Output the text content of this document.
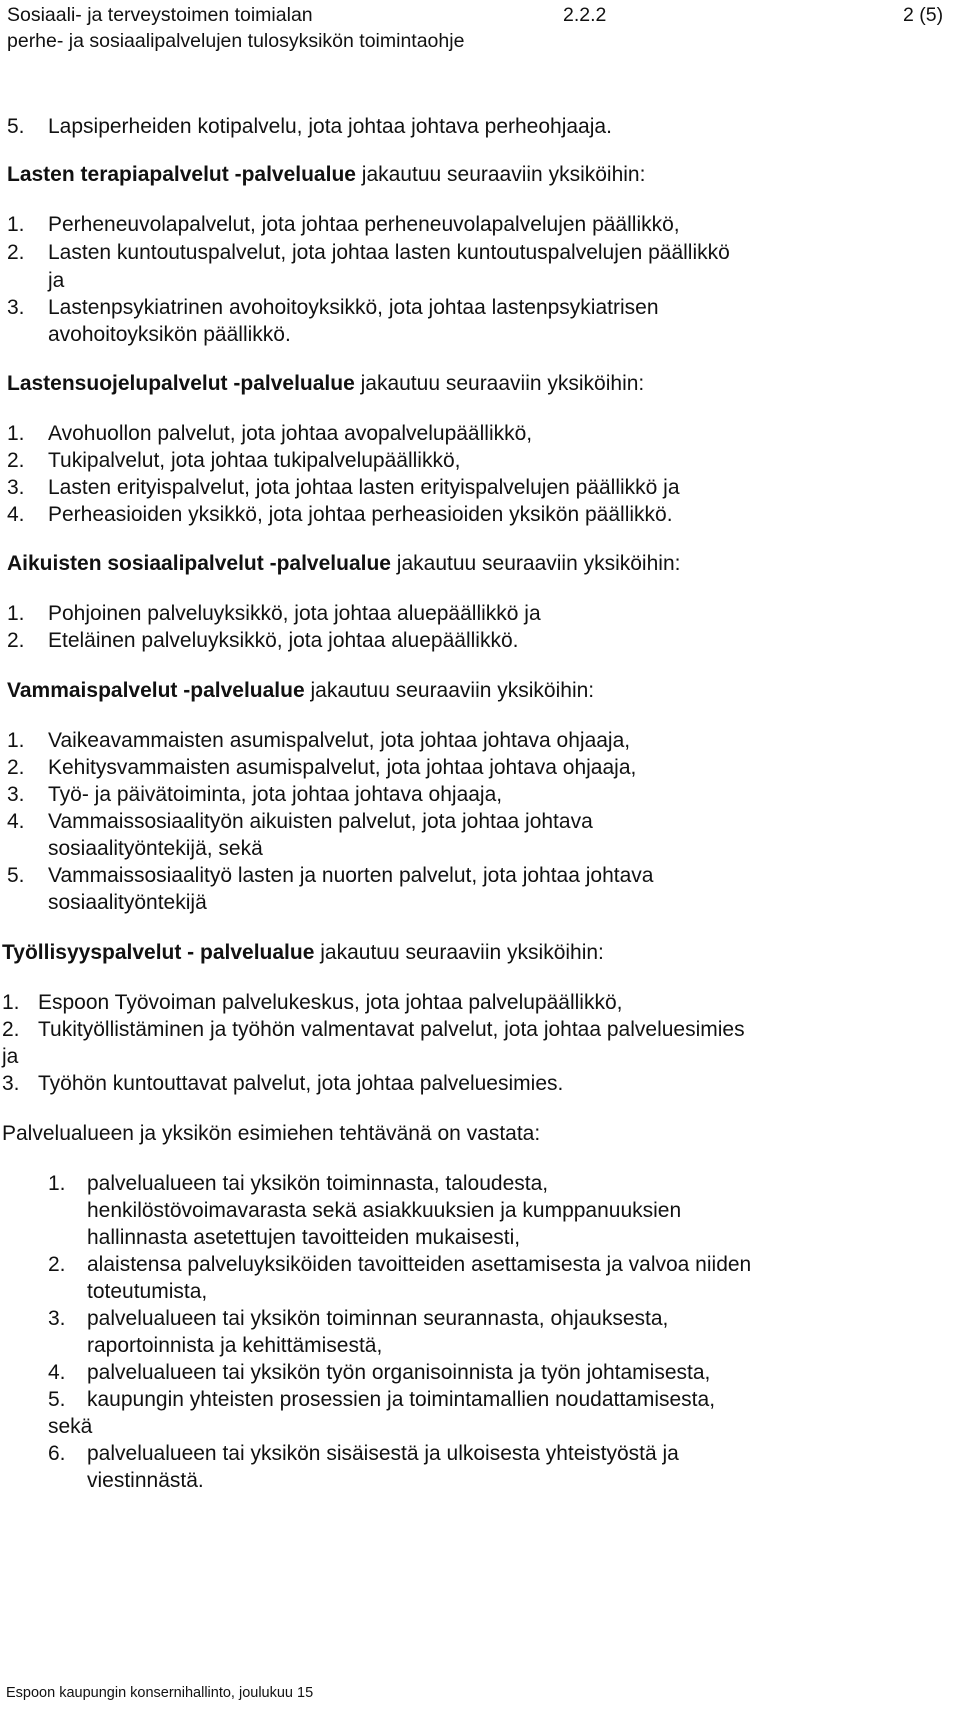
Sosiaali- ja terveystoimen toimialan	2.2.2	2 (5)
perhe- ja sosiaalipalvelujen tulosyksikön toimintaohje
5. Lapsiperheiden kotipalvelu, jota johtaa johtava perheohjaaja.
Lasten terapiapalvelut -palvelualue jakautuu seuraaviin yksiköihin:
1. Perheneuvolapalvelut, jota johtaa perheneuvolapalvelujen päällikkö,
2. Lasten kuntoutuspalvelut, jota johtaa lasten kuntoutuspalvelujen päällikkö
ja
3. Lastenpsykiatrinen avohoitoyksikkö, jota johtaa lastenpsykiatrisen
avohoitoyksikön päällikkö.
Lastensuojelupalvelut -palvelualue jakautuu seuraaviin yksiköihin:
1. Avohuollon palvelut, jota johtaa avopalvelupäällikkö,
2. Tukipalvelut, jota johtaa tukipalvelupäällikkö,
3. Lasten erityispalvelut, jota johtaa lasten erityispalvelujen päällikkö ja
4. Perheasioiden yksikkö, jota johtaa perheasioiden yksikön päällikkö.
Aikuisten sosiaalipalvelut -palvelualue jakautuu seuraaviin yksiköihin:
1. Pohjoinen palveluyksikkö, jota johtaa aluepäällikkö ja
2. Eteläinen palveluyksikkö, jota johtaa aluepäällikkö.
Vammaispalvelut -palvelualue jakautuu seuraaviin yksiköihin:
1. Vaikeavammaisten asumispalvelut, jota johtaa johtava ohjaaja,
2. Kehitysvammaisten asumispalvelut, jota johtaa johtava ohjaaja,
3. Työ- ja päivätoiminta, jota johtaa johtava ohjaaja,
4. Vammaissosiaalityön aikuisten palvelut, jota johtaa johtava
sosiaalityöntekijä, sekä
5. Vammaissosiaalityö lasten ja nuorten palvelut, jota johtaa johtava
sosiaalityöntekijä
Työllisyyspalvelut - palvelualue jakautuu seuraaviin yksiköihin:
1. Espoon Työvoiman palvelukeskus, jota johtaa palvelupäällikkö,
2. Tukityöllistäminen ja työhön valmentavat palvelut, jota johtaa palveluesimies
ja
3. Työhön kuntouttavat palvelut, jota johtaa palveluesimies.
Palvelualueen ja yksikön esimiehen tehtävänä on vastata:
1. palvelualueen tai yksikön toiminnasta, taloudesta,
henkilöstövoimavarasta sekä asiakkuuksien ja kumppanuuksien
hallinnasta asetettujen tavoitteiden mukaisesti,
2. alaistensa palveluyksiköiden tavoitteiden asettamisesta ja valvoa niiden
toteutumista,
3. palvelualueen tai yksikön toiminnan seurannasta, ohjauksesta,
raportoinnista ja kehittämisestä,
4. palvelualueen tai yksikön työn organisoinnista ja työn johtamisesta,
5. kaupungin yhteisten prosessien ja toimintamallien noudattamisesta,
sekä
6. palvelualueen tai yksikön sisäisestä ja ulkoisesta yhteistyöstä ja
viestinnästä.
Espoon kaupungin konsernihallinto, joulukuu 15
